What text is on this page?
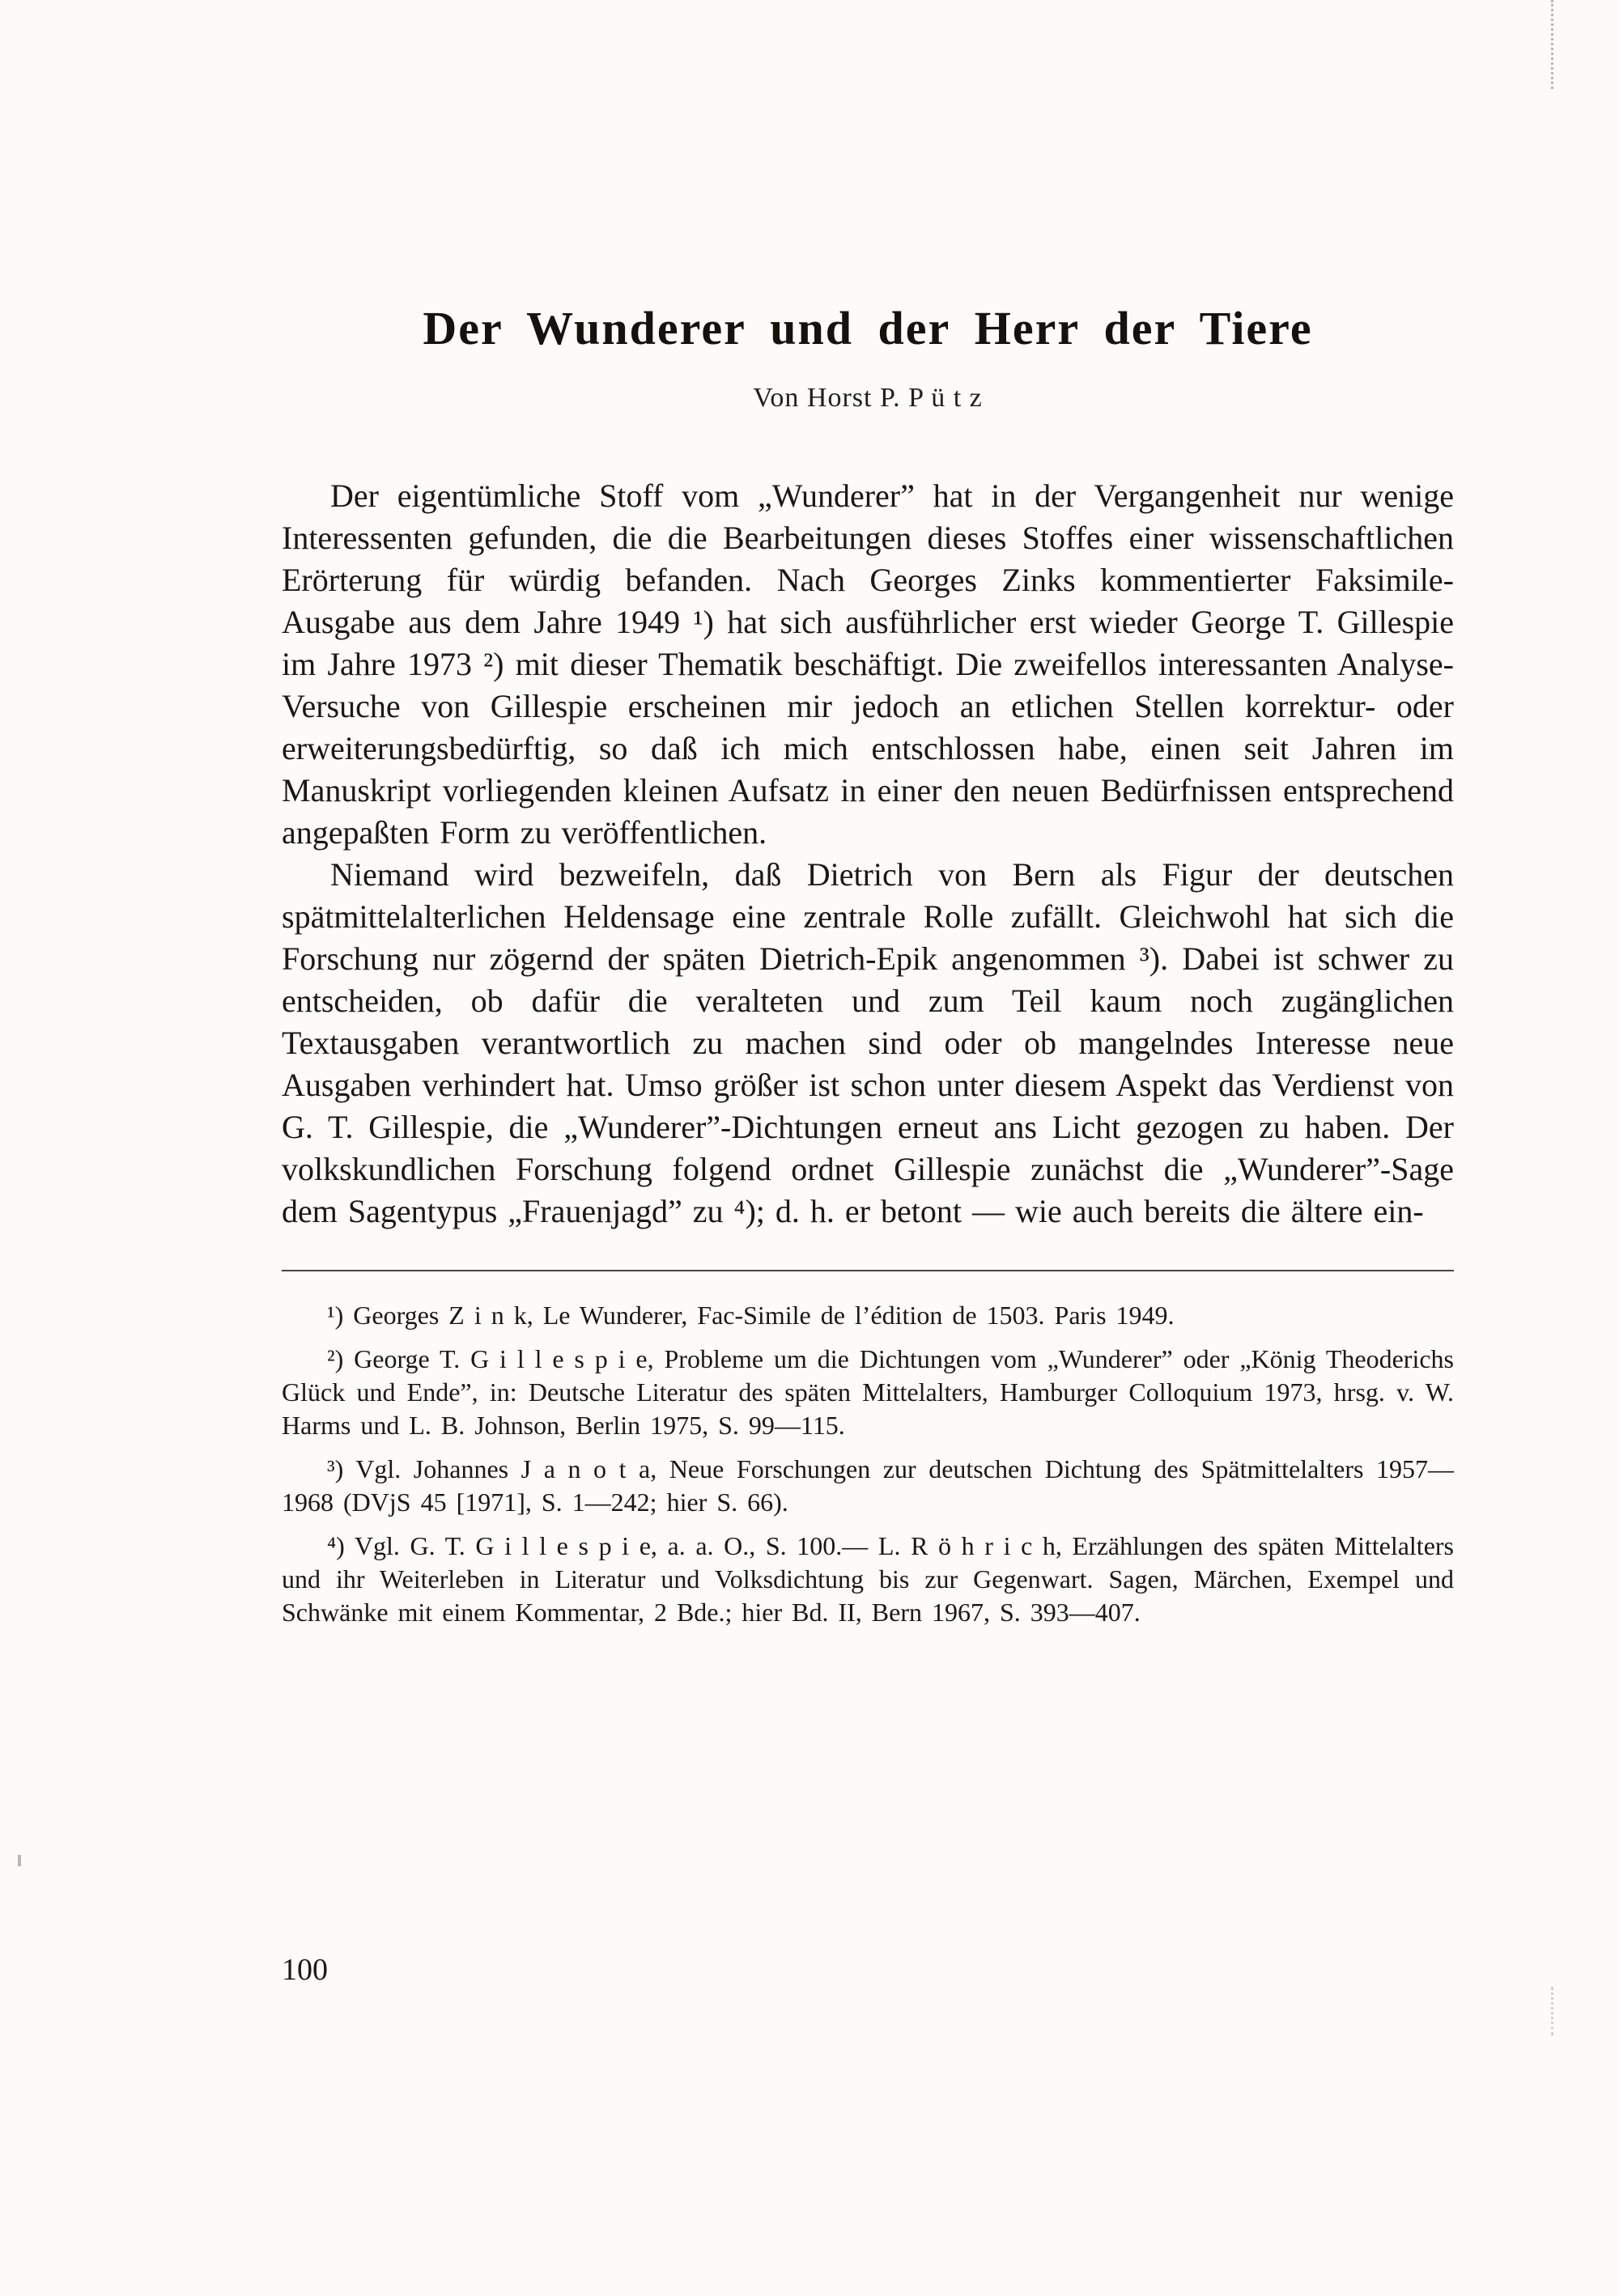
Der Wunderer und der Herr der Tiere
Von Horst P. P ü t z

Der eigentümliche Stoff vom „Wunderer” hat in der Vergangenheit nur wenige Interessenten gefunden, die die Bearbeitungen dieses Stoffes einer wissenschaftlichen Erörterung für würdig befanden. Nach Georges Zinks kommentierter Faksimile-Ausgabe aus dem Jahre 1949 ¹) hat sich ausführlicher erst wieder George T. Gillespie im Jahre 1973 ²) mit dieser Thematik beschäftigt. Die zweifellos interessanten Analyse-Versuche von Gillespie erscheinen mir jedoch an etlichen Stellen korrektur- oder erweiterungsbedürftig, so daß ich mich entschlossen habe, einen seit Jahren im Manuskript vorliegenden kleinen Aufsatz in einer den neuen Bedürfnissen entsprechend angepaßten Form zu veröffentlichen.

Niemand wird bezweifeln, daß Dietrich von Bern als Figur der deutschen spätmittelalterlichen Heldensage eine zentrale Rolle zufällt. Gleichwohl hat sich die Forschung nur zögernd der späten Dietrich-Epik angenommen ³). Dabei ist schwer zu entscheiden, ob dafür die veralteten und zum Teil kaum noch zugänglichen Textausgaben verantwortlich zu machen sind oder ob mangelndes Interesse neue Ausgaben verhindert hat. Umso größer ist schon unter diesem Aspekt das Verdienst von G. T. Gillespie, die „Wunderer”-Dichtungen erneut ans Licht gezogen zu haben. Der volkskundlichen Forschung folgend ordnet Gillespie zunächst die „Wunderer”-Sage dem Sagentypus „Frauenjagd” zu ⁴); d. h. er betont — wie auch bereits die ältere ein-

¹) Georges Z i n k, Le Wunderer, Fac-Simile de l’édition de 1503. Paris 1949.

²) George T. G i l l e s p i e, Probleme um die Dichtungen vom „Wunderer” oder „König Theoderichs Glück und Ende”, in: Deutsche Literatur des späten Mittelalters, Hamburger Colloquium 1973, hrsg. v. W. Harms und L. B. Johnson, Berlin 1975, S. 99—115.

³) Vgl. Johannes J a n o t a, Neue Forschungen zur deutschen Dichtung des Spätmittelalters 1957—1968 (DVjS 45 [1971], S. 1—242; hier S. 66).

⁴) Vgl. G. T. G i l l e s p i e, a. a. O., S. 100.— L. R ö h r i c h, Erzählungen des späten Mittelalters und ihr Weiterleben in Literatur und Volksdichtung bis zur Gegenwart. Sagen, Märchen, Exempel und Schwänke mit einem Kommentar, 2 Bde.; hier Bd. II, Bern 1967, S. 393—407.

100
